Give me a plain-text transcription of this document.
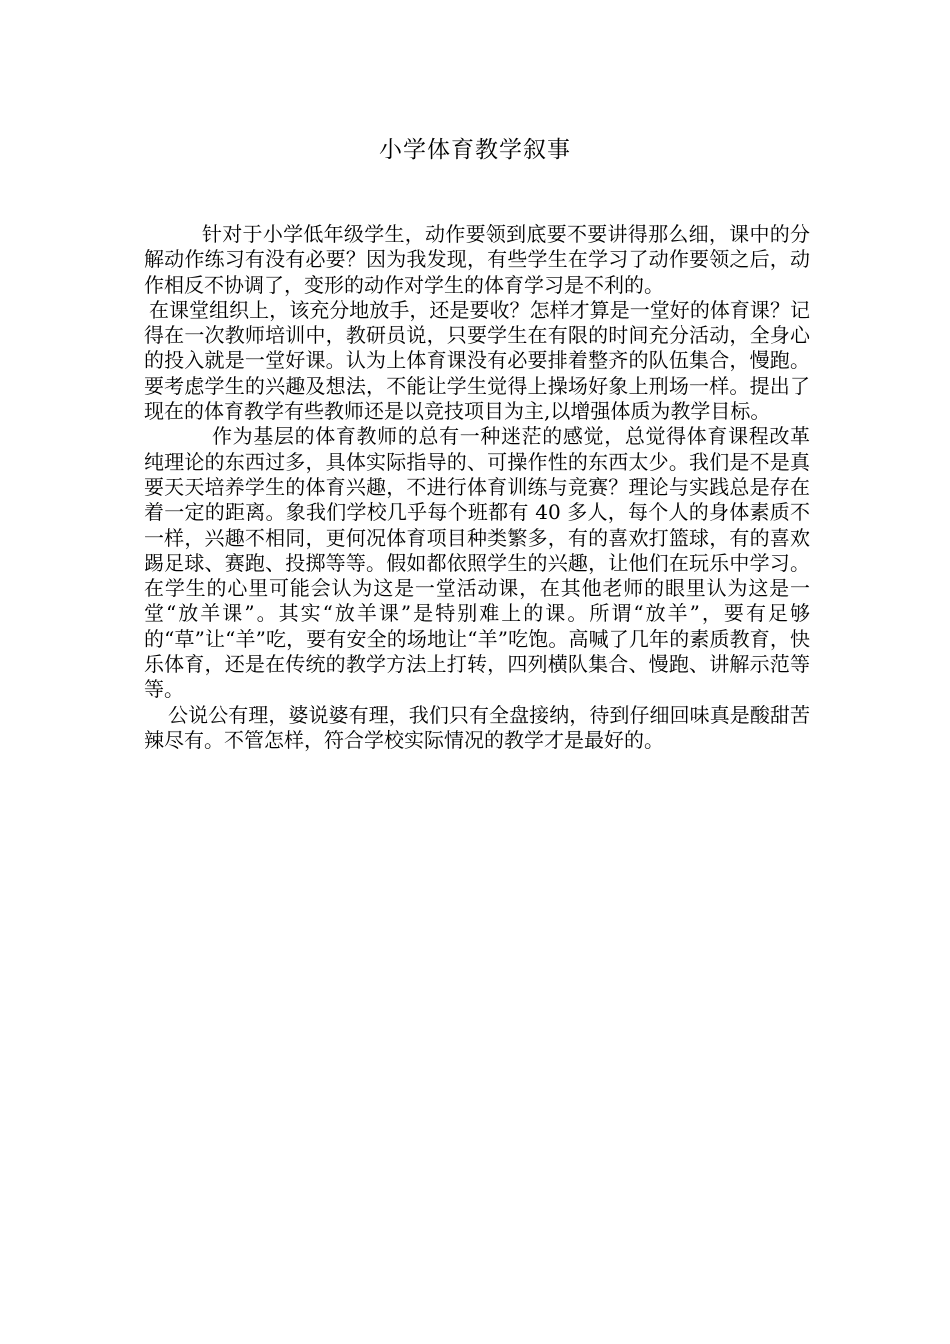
小学体育教学叙事

针对于小学低年级学生，动作要领到底要不要讲得那么细，课中的分解动作练习有没有必要？因为我发现，有些学生在学习了动作要领之后，动作相反不协调了，变形的动作对学生的体育学习是不利的。

在课堂组织上，该充分地放手，还是要收？怎样才算是一堂好的体育课？记得在一次教师培训中，教研员说，只要学生在有限的时间充分活动，全身心的投入就是一堂好课。认为上体育课没有必要排着整齐的队伍集合，慢跑。要考虑学生的兴趣及想法，不能让学生觉得上操场好象上刑场一样。提出了现在的体育教学有些教师还是以竞技项目为主,以增强体质为教学目标。

作为基层的体育教师的总有一种迷茫的感觉，总觉得体育课程改革纯理论的东西过多，具体实际指导的、可操作性的东西太少。我们是不是真要天天培养学生的体育兴趣，不进行体育训练与竞赛？理论与实践总是存在着一定的距离。象我们学校几乎每个班都有 40 多人，每个人的身体素质不一样，兴趣不相同，更何况体育项目种类繁多，有的喜欢打篮球，有的喜欢踢足球、赛跑、投掷等等。假如都依照学生的兴趣，让他们在玩乐中学习。在学生的心里可能会认为这是一堂活动课，在其他老师的眼里认为这是一堂“放羊课”。其实“放羊课”是特别难上的课。所谓“放羊”，要有足够的“草”让“羊”吃，要有安全的场地让“羊”吃饱。高喊了几年的素质教育，快乐体育，还是在传统的教学方法上打转，四列横队集合、慢跑、讲解示范等等。

公说公有理，婆说婆有理，我们只有全盘接纳，待到仔细回味真是酸甜苦辣尽有。不管怎样，符合学校实际情况的教学才是最好的。
